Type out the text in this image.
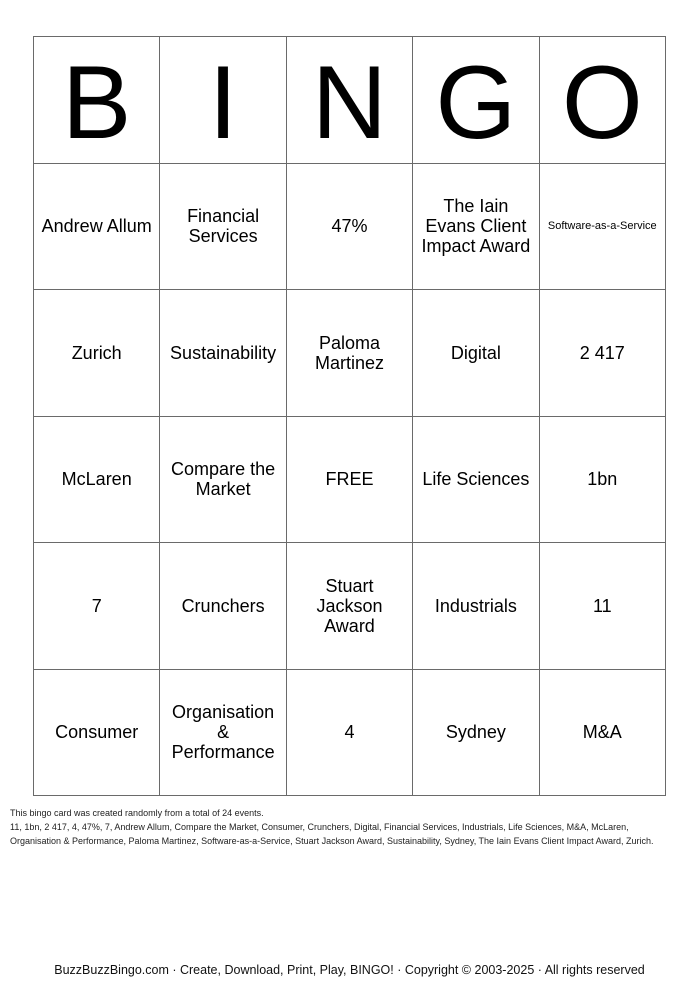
B	I	N	G	O
Andrew Allum	Financial Services	47%	The Iain Evans Client Impact Award	Software-as-a-Service
Zurich	Sustainability	Paloma Martinez	Digital	2 417
McLaren	Compare the Market	FREE	Life Sciences	1bn
7	Crunchers	Stuart Jackson Award	Industrials	11
Consumer	Organisation & Performance	4	Sydney	M&A

This bingo card was created randomly from a total of 24 events.

11, 1bn, 2 417, 4, 47%, 7, Andrew Allum, Compare the Market, Consumer, Crunchers, Digital, Financial Services, Industrials, Life Sciences, M&A, McLaren,

Organisation & Performance, Paloma Martinez, Software-as-a-Service, Stuart Jackson Award, Sustainability, Sydney, The Iain Evans Client Impact Award, Zurich.

BuzzBuzzBingo.com · Create, Download, Print, Play, BINGO! · Copyright © 2003-2025 · All rights reserved
